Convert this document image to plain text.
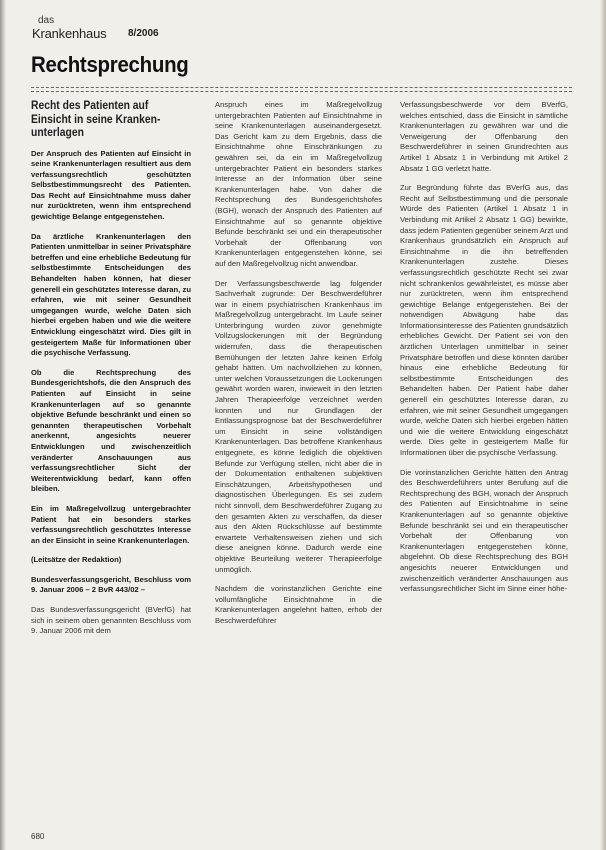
das
Krankenhaus 8/2006
Rechtsprechung
Recht des Patienten auf Einsicht in seine Kranken-unterlagen

Der Anspruch des Patienten auf Einsicht in seine Krankenunterlagen resultiert aus dem verfassungsrechtlich geschützten Selbstbestimmungsrecht des Patienten. Das Recht auf Einsichtnahme muss daher nur zurücktreten, wenn ihm entsprechend gewichtige Belange entgegenstehen.

Da ärztliche Krankenunterlagen den Patienten unmittelbar in seiner Privatsphäre betreffen und eine erhebliche Bedeutung für selbstbestimmte Entscheidungen des Behandelten haben können, hat dieser generell ein geschütztes Interesse daran, zu erfahren, wie mit seiner Gesundheit umgegangen wurde, welche Daten sich hierbei ergeben haben und wie die weitere Entwicklung eingeschätzt wird. Dies gilt in gesteigertem Maße für Informationen über die psychische Verfassung.

Ob die Rechtsprechung des Bundesgerichtshofs, die den Anspruch des Patienten auf Einsicht in seine Krankenunterlagen auf so genannte objektive Befunde beschränkt und einen so genannten therapeutischen Vorbehalt anerkennt, angesichts neuerer Entwicklungen und zwischenzeitlich veränderter Anschauungen aus verfassungsrechtlicher Sicht der Weiterentwicklung bedarf, kann offen bleiben.

Ein im Maßregelvollzug untergebrachter Patient hat ein besonders starkes verfassungsrechtlich geschütztes Interesse an der Einsicht in seine Krankenunterlagen.

(Leitsätze der Redaktion)

Bundesverfassungsgericht, Beschluss vom 9. Januar 2006 – 2 BvR 443/02 –

Das Bundesverfassungsgericht (BVerfG) hat sich in seinem oben genannten Beschluss vom 9. Januar 2006 mit dem

Anspruch eines im Maßregelvollzug untergebrachten Patienten auf Einsichtnahme in seine Krankenunterlagen auseinandergesetzt. Das Gericht kam zu dem Ergebnis, dass die Einsichtnahme ohne Einschränkungen zu gewähren sei, da ein im Maßregelvollzug untergebrachter Patient ein besonders starkes Interesse an der Information über seine Krankenunterlagen habe. Von daher die Rechtsprechung des Bundesgerichtshofes (BGH), wonach der Anspruch des Patienten auf Einsichtnahme auf so genannte objektive Befunde beschränkt sei und ein therapeutischer Vorbehalt der Offenbarung von Krankenunterlagen entgegenstehen könne, sei auf den Maßregelvollzug nicht anwendbar.

Der Verfassungsbeschwerde lag folgender Sachverhalt zugrunde: Der Beschwerdeführer war in einem psychiatrischen Krankenhaus im Maßregelvollzug untergebracht. Im Laufe seiner Unterbringung wurden zuvor genehmigte Vollzugslockerungen mit der Begründung widerrufen, dass die therapeutischen Bemühungen der letzten Jahre keinen Erfolg gehabt hätten. Um nachvollziehen zu können, unter welchen Voraussetzungen die Lockerungen gewährt worden waren, inwieweit in den letzten Jahren Therapieerfolge verzeichnet werden konnten und nur Grundlagen der Entlassungsprognose bat der Beschwerdeführer um Einsicht in seine vollständigen Krankenunterlagen. Das betroffene Krankenhaus entgegnete, es könne lediglich die objektiven Befunde zur Verfügung stellen, nicht aber die in der Dokumentation enthaltenen subjektiven Einschätzungen, Arbeitshypothesen und diagnostischen Überlegungen. Es sei zudem nicht sinnvoll, dem Beschwerdeführer Zugang zu den gesamten Akten zu verschaffen, da dieser aus den Akten Rückschlüsse auf bestimmte erwartete Verhaltensweisen ziehen und sich diese aneignen könne. Dadurch werde eine objektive Beurteilung weiterer Therapieerfolge unmöglich.

Nachdem die vorinstanzlichen Gerichte eine vollumfängliche Einsichtnahme in die Krankenunterlagen angelehnt hatten, erhob der Beschwerdeführer

Verfassungsbeschwerde vor dem BVerfG, welches entschied, dass die Einsicht in sämtliche Krankenunterlagen zu gewähren war und die Verweigerung der Offenbarung den Beschwerdeführer in seinen Grundrechten aus Artikel 1 Absatz 1 in Verbindung mit Artikel 2 Absatz 1 GG verletzt hatte.

Zur Begründung führte das BVerfG aus, das Recht auf Selbstbestimmung und die personale Würde des Patienten (Artikel 1 Absatz 1 in Verbindung mit Artikel 2 Absatz 1 GG) bewirkte, dass jedem Patienten gegenüber seinem Arzt und Krankenhaus grundsätzlich ein Anspruch auf Einsichtnahme in die ihn betreffenden Krankenunterlagen zustehe. Dieses verfassungsrechtlich geschützte Recht sei zwar nicht schrankenlos gewährleistet, es müsse aber nur zurücktreten, wenn ihm entsprechend gewichtige Belange entgegenstehen. Bei der notwendigen Abwägung habe das Informationsinteresse des Patienten grundsätzlich erhebliches Gewicht. Der Patient sei von den ärztlichen Unterlagen unmittelbar in seiner Privatsphäre betroffen und diese könnten darüber hinaus eine erhebliche Bedeutung für selbstbestimmte Entscheidungen des Behandelten haben. Der Patient habe daher generell ein geschütztes Interesse daran, zu erfahren, wie mit seiner Gesundheit umgegangen wurde, welche Daten sich hierbei ergeben hätten und wie die weitere Entwicklung eingeschätzt werde. Dies gelte in gesteigertem Maße für Informationen über die psychische Verfassung.

Die vorinstanzlichen Gerichte hätten den Antrag des Beschwerdeführers unter Berufung auf die Rechtsprechung des BGH, wonach der Anspruch des Patienten auf Einsichtnahme in seine Krankenunterlagen auf so genannte objektive Befunde beschränkt sei und ein therapeutischer Vorbehalt der Offenbarung von Krankenunterlagen entgegenstehen könne, abgelehnt. Ob diese Rechtsprechung des BGH angesichts neuerer Entwicklungen und zwischenzeitlich veränderter Anschauungen aus verfassungsrechtlicher Sicht im Sinne einer höhe-

680
